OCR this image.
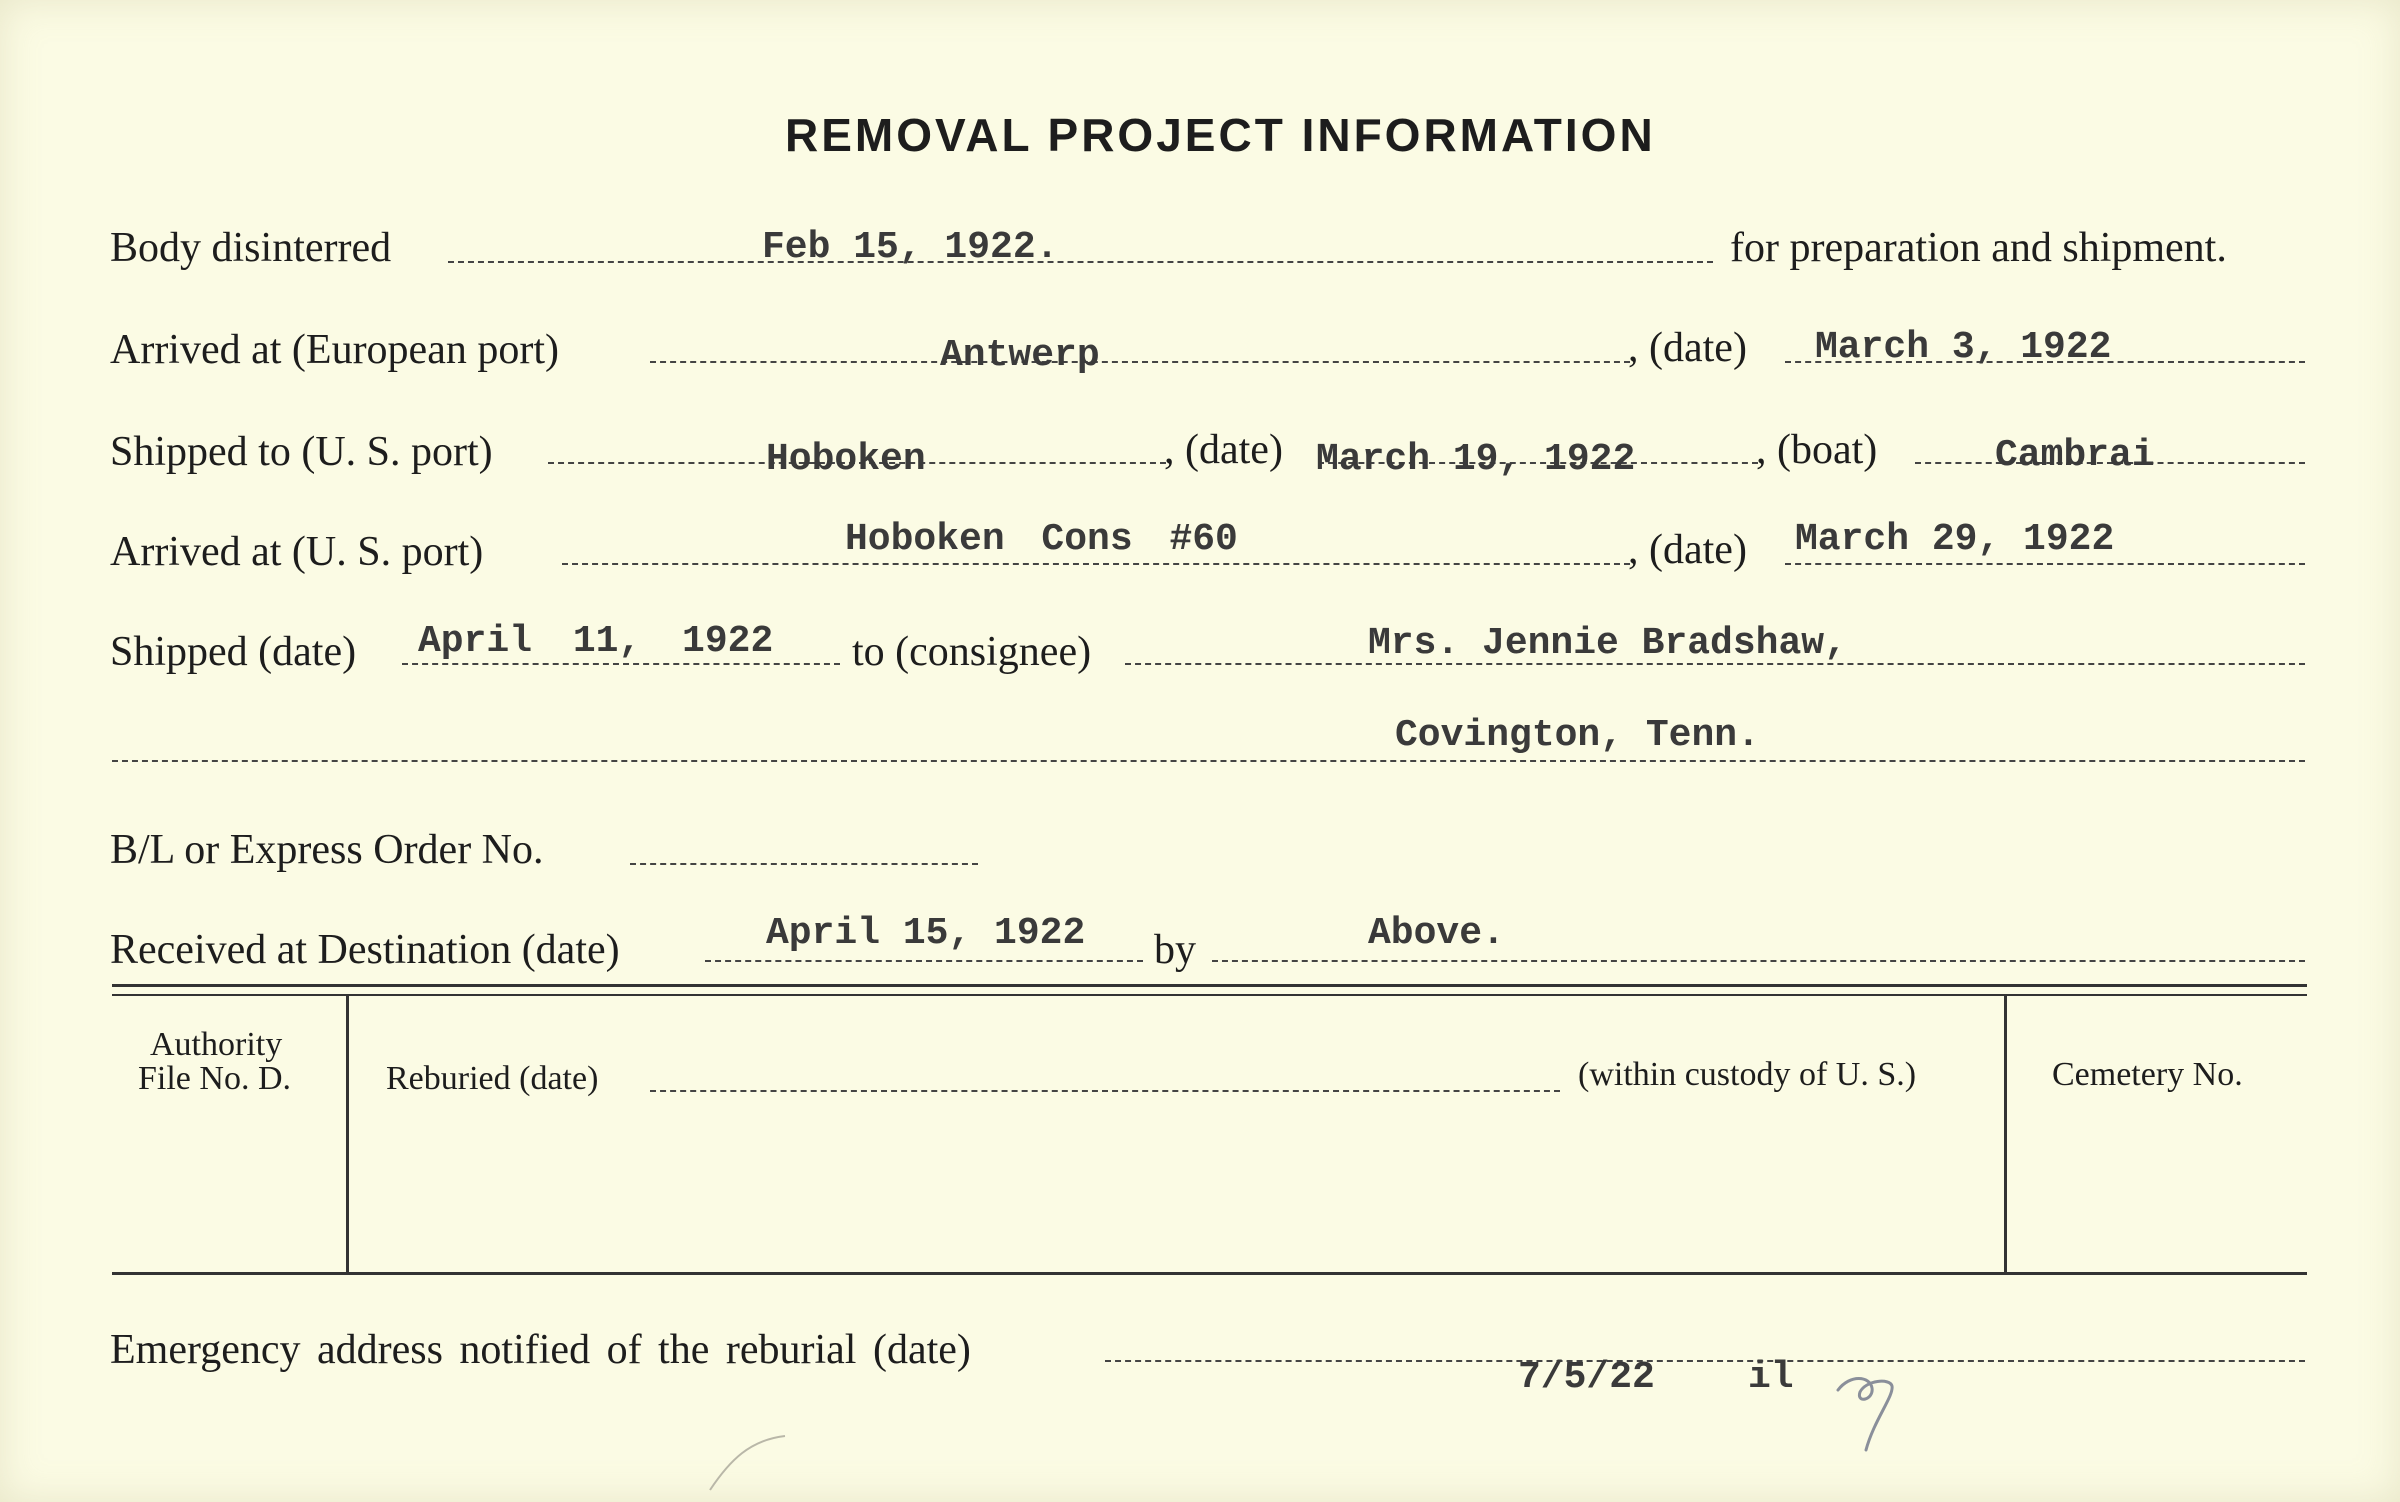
REMOVAL PROJECT INFORMATION
Body disinterred	Feb 15, 1922.	for preparation and shipment.
Arrived at (European port)	Antwerp	, (date) March 3, 1922
Shipped to (U. S. port)	Hoboken	, (date) March 19, 1922	, (boat)	Cambrai
Arrived at (U. S. port)	Hoboken Cons #60	, (date) March 29, 1922
Shipped (date) April 11, 1922 to (consignee)	Mrs. Jennie Bradshaw,
Covington, Tenn.
B/L or Express Order No.
Received at Destination (date)	April 15, 1922 by	Above.
Authority
File No. D.	Reburied (date)	(within custody of U. S.)	Cemetery No.
Emergency address notified of the reburial (date)
7/5/22 il
